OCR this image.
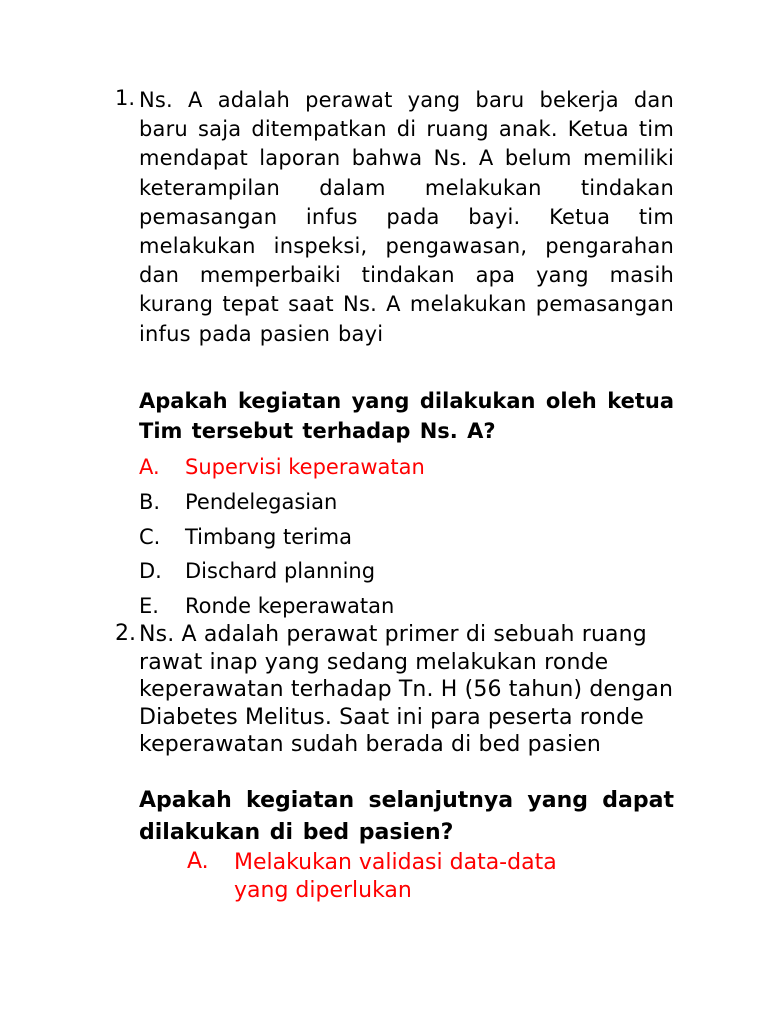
1. Ns. A adalah perawat yang baru bekerja dan baru saja ditempatkan di ruang anak. Ketua tim mendapat laporan bahwa Ns. A belum memiliki keterampilan dalam melakukan tindakan pemasangan infus pada bayi. Ketua tim melakukan inspeksi, pengawasan, pengarahan dan memperbaiki tindakan apa yang masih kurang tepat saat Ns. A melakukan pemasangan infus pada pasien bayi
Apakah kegiatan yang dilakukan oleh ketua Tim tersebut terhadap Ns. A?
A. Supervisi keperawatan
B. Pendelegasian
C. Timbang terima
D. Dischard planning
E. Ronde keperawatan
2. Ns. A adalah perawat primer di sebuah ruang rawat inap yang sedang melakukan ronde keperawatan terhadap Tn. H (56 tahun) dengan Diabetes Melitus. Saat ini para peserta ronde keperawatan sudah berada di bed pasien
Apakah kegiatan selanjutnya yang dapat dilakukan di bed pasien?
A. Melakukan validasi data-data yang diperlukan
